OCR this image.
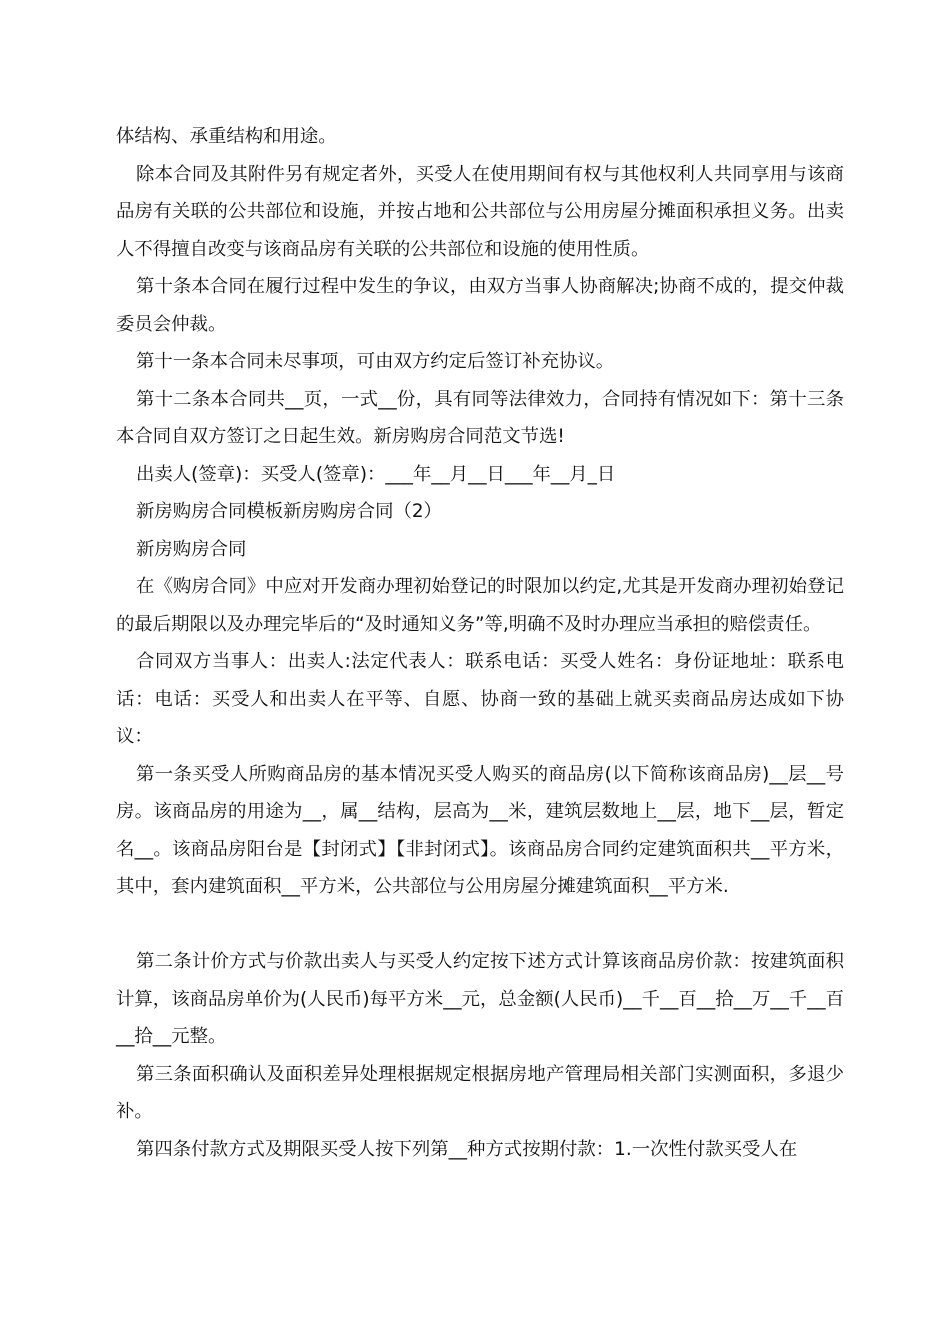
体结构、承重结构和用途。

除本合同及其附件另有规定者外，买受人在使用期间有权与其他权利人共同享用与该商品房有关联的公共部位和设施，并按占地和公共部位与公用房屋分摊面积承担义务。出卖人不得擅自改变与该商品房有关联的公共部位和设施的使用性质。

第十条本合同在履行过程中发生的争议，由双方当事人协商解决;协商不成的，提交仲裁委员会仲裁。

第十一条本合同未尽事项，可由双方约定后签订补充协议。

第十二条本合同共__页，一式__份，具有同等法律效力，合同持有情况如下：第十三条本合同自双方签订之日起生效。新房购房合同范文节选!

出卖人(签章)：买受人(签章)：___年__月__日___年__月_日

新房购房合同模板新房购房合同（2）

新房购房合同

在《购房合同》中应对开发商办理初始登记的时限加以约定,尤其是开发商办理初始登记的最后期限以及办理完毕后的“及时通知义务”等,明确不及时办理应当承担的赔偿责任。

合同双方当事人：出卖人:法定代表人：联系电话：买受人姓名：身份证地址：联系电话：电话：买受人和出卖人在平等、自愿、协商一致的基础上就买卖商品房达成如下协议：

第一条买受人所购商品房的基本情况买受人购买的商品房(以下简称该商品房)__层__号房。该商品房的用途为__，属__结构，层高为__米，建筑层数地上__层，地下__层，暂定名__。该商品房阳台是【封闭式】【非封闭式】。该商品房合同约定建筑面积共__平方米，其中，套内建筑面积__平方米，公共部位与公用房屋分摊建筑面积__平方米.

第二条计价方式与价款出卖人与买受人约定按下述方式计算该商品房价款：按建筑面积计算，该商品房单价为(人民币)每平方米__元，总金额(人民币)__千__百__拾__万__千__百__拾__元整。

第三条面积确认及面积差异处理根据规定根据房地产管理局相关部门实测面积，多退少补。

第四条付款方式及期限买受人按下列第__种方式按期付款：1.一次性付款买受人在
